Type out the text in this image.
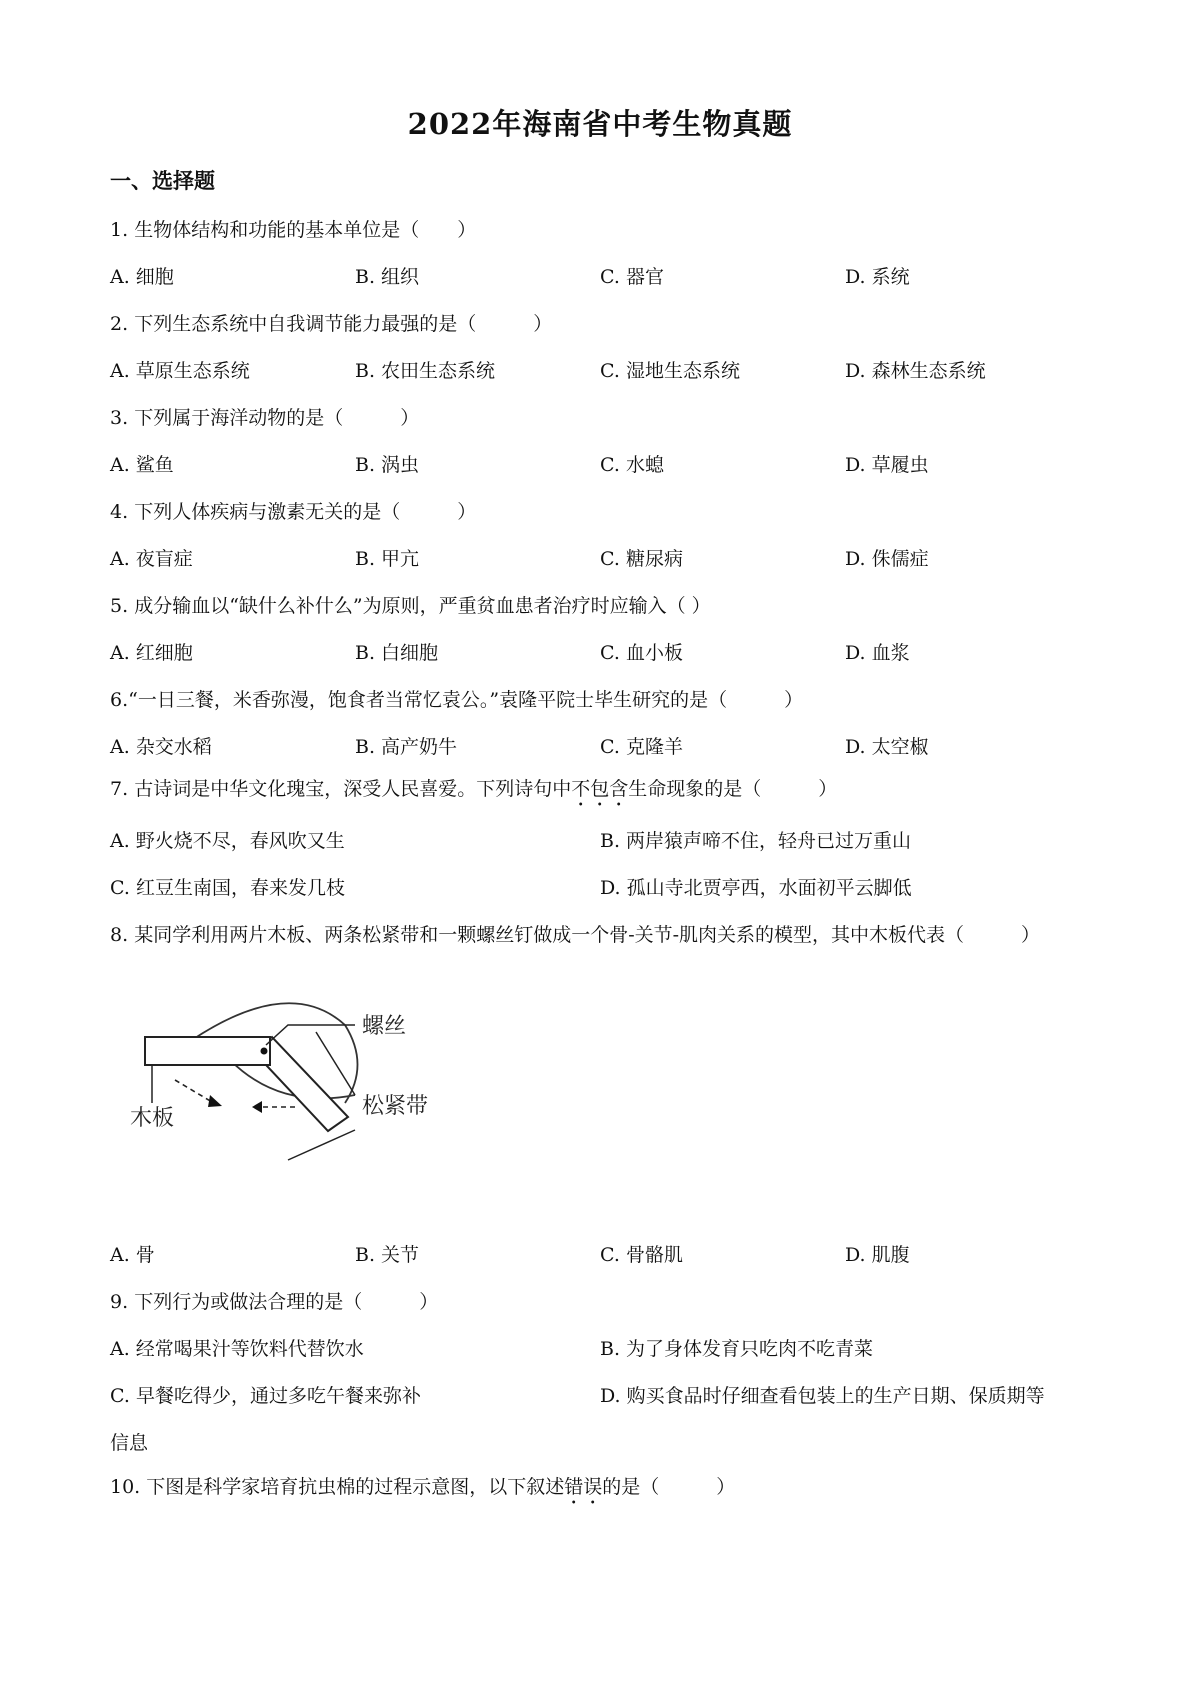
2022年海南省中考生物真题
一、选择题
1. 生物体结构和功能的基本单位是（　　）
A. 细胞	B. 组织	C. 器官	D. 系统
2. 下列生态系统中自我调节能力最强的是（　　　）
A. 草原生态系统	B. 农田生态系统	C. 湿地生态系统	D. 森林生态系统
3. 下列属于海洋动物的是（　　　）
A. 鲨鱼	B. 涡虫	C. 水螅	D. 草履虫
4. 下列人体疾病与激素无关的是（　　　）
A. 夜盲症	B. 甲亢	C. 糖尿病	D. 侏儒症
5. 成分输血以“缺什么补什么”为原则，严重贫血患者治疗时应输入（ ）
A. 红细胞	B. 白细胞	C. 血小板	D. 血浆
6.“一日三餐，米香弥漫，饱食者当常忆袁公。”袁隆平院士毕生研究的是（　　　）
A. 杂交水稻	B. 高产奶牛	C. 克隆羊	D. 太空椒
7. 古诗词是中华文化瑰宝，深受人民喜爱。下列诗句中不包含生命现象的是（　　　）
A. 野火烧不尽，春风吹又生	B. 两岸猿声啼不住，轻舟已过万重山
C. 红豆生南国，春来发几枝	D. 孤山寺北贾亭西，水面初平云脚低
8. 某同学利用两片木板、两条松紧带和一颗螺丝钉做成一个骨-关节-肌肉关系的模型，其中木板代表（　　　）
螺丝
木板	松紧带
A. 骨	B. 关节	C. 骨骼肌	D. 肌腹
9. 下列行为或做法合理的是（　　　）
A. 经常喝果汁等饮料代替饮水	B. 为了身体发育只吃肉不吃青菜
C. 早餐吃得少，通过多吃午餐来弥补	D. 购买食品时仔细查看包装上的生产日期、保质期等
信息
10. 下图是科学家培育抗虫棉的过程示意图，以下叙述错误的是（　　　）
